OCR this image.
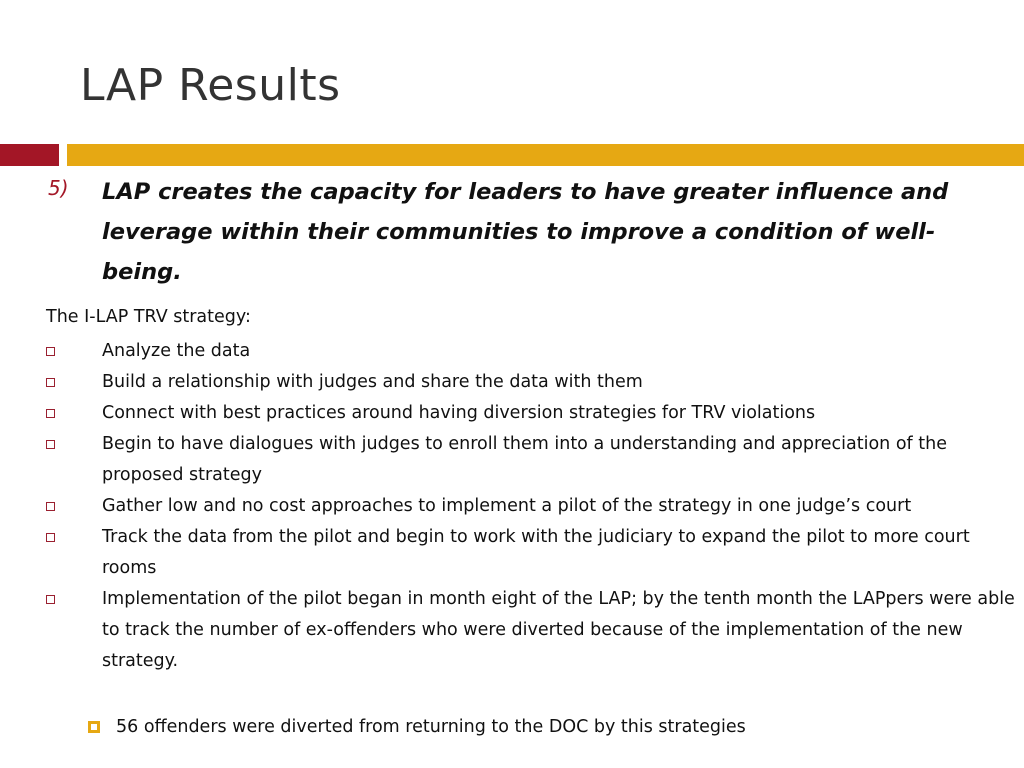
LAP Results
5) LAP creates the capacity for leaders to have greater influence and leverage within their communities to improve a condition of well-being.
The I-LAP TRV strategy:
Analyze the data
Build a relationship with judges and share the data with them
Connect with best practices around having diversion strategies for TRV violations
Begin to have dialogues with judges to enroll them into a understanding and appreciation of the proposed strategy
Gather low and no cost approaches to implement a pilot of the strategy in one judge’s court
Track the data from the pilot and begin to work with the judiciary to expand the pilot to more court rooms
Implementation of the pilot began in month eight of the LAP; by the tenth month the LAPpers were able to track the number of ex-offenders who were diverted because of the implementation of the new strategy.
56 offenders were diverted from returning to the DOC by this strategies
